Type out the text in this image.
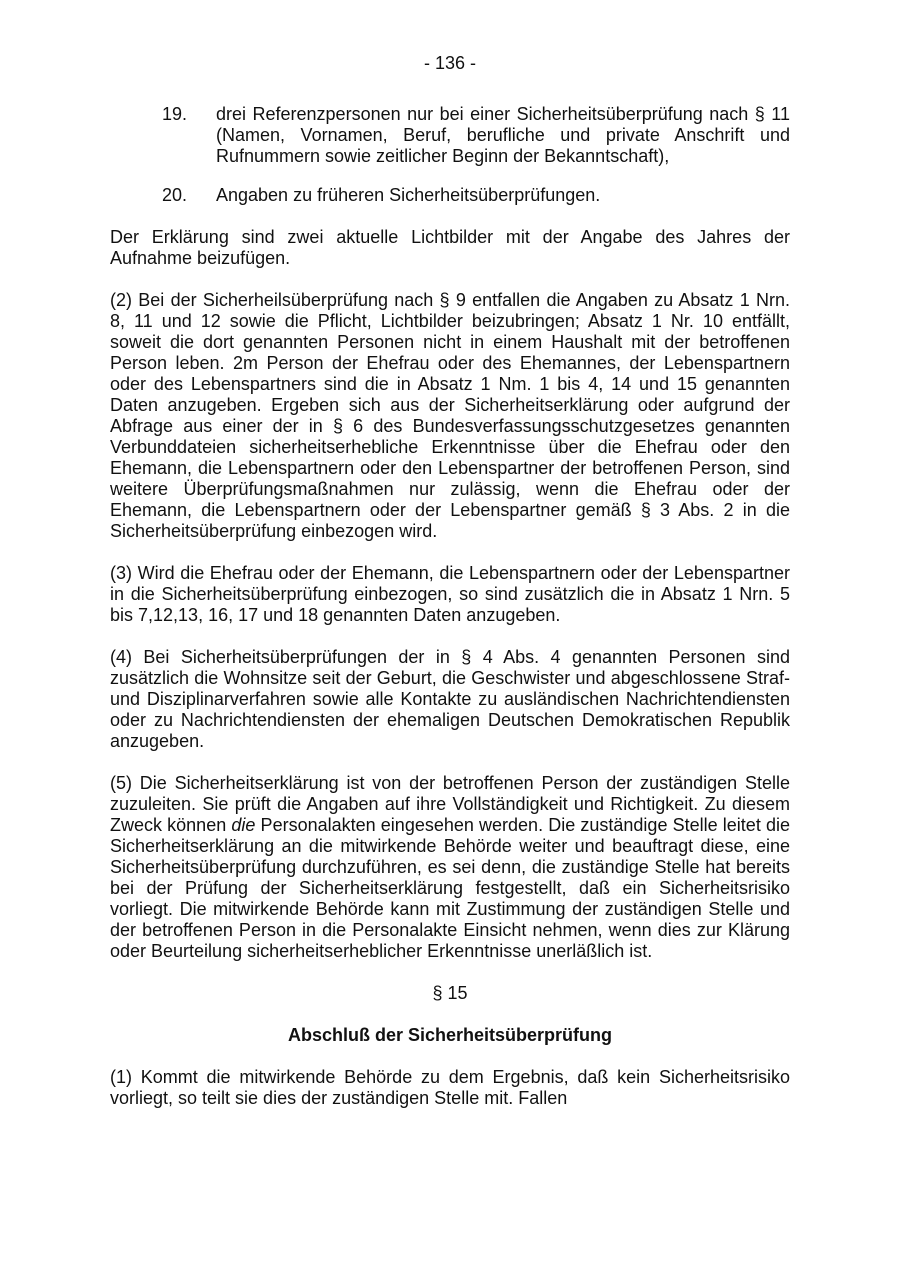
- 136 -
19.	drei Referenzpersonen nur bei einer Sicherheitsüberprüfung nach § 11 (Namen, Vornamen, Beruf, berufliche und private Anschrift und Rufnummern sowie zeitlicher Beginn der Bekanntschaft),
20.	Angaben zu früheren Sicherheitsüberprüfungen.

Der Erklärung sind zwei aktuelle Lichtbilder mit der Angabe des Jahres der Aufnahme beizufügen.

(2) Bei der Sicherheilsüberprüfung nach § 9 entfallen die Angaben zu Absatz 1 Nrn. 8, 11 und 12 sowie die Pflicht, Lichtbilder beizubringen; Absatz 1 Nr. 10 entfällt, soweit die dort genannten Personen nicht in einem Haushalt mit der betroffenen Person leben. 2m Person der Ehefrau oder des Ehemannes, der Lebenspartnern oder des Lebenspartners sind die in Absatz 1 Nm. 1 bis 4, 14 und 15 genannten Daten anzugeben. Ergeben sich aus der Sicherheitserklärung oder aufgrund der Abfrage aus einer der in § 6 des Bundesverfassungsschutzgesetzes genannten Verbunddateien sicherheitserhebliche Erkenntnisse über die Ehefrau oder den Ehemann, die Lebenspartnern oder den Lebenspartner der betroffenen Person, sind weitere Überprüfungsmaßnahmen nur zulässig, wenn die Ehefrau oder der Ehemann, die Lebenspartnern oder der Lebenspartner gemäß § 3 Abs. 2 in die Sicherheitsüberprüfung einbezogen wird.

(3) Wird die Ehefrau oder der Ehemann, die Lebenspartnern oder der Lebenspartner in die Sicherheitsüberprüfung einbezogen, so sind zusätzlich die in Absatz 1 Nrn. 5 bis 7,12,13, 16, 17 und 18 genannten Daten anzugeben.

(4) Bei Sicherheitsüberprüfungen der in § 4 Abs. 4 genannten Personen sind zusätzlich die Wohnsitze seit der Geburt, die Geschwister und abgeschlossene Straf- und Disziplinarverfahren sowie alle Kontakte zu ausländischen Nachrichtendiensten oder zu Nachrichtendiensten der ehemaligen Deutschen Demokratischen Republik anzugeben.

(5) Die Sicherheitserklärung ist von der betroffenen Person der zuständigen Stelle zuzuleiten. Sie prüft die Angaben auf ihre Vollständigkeit und Richtigkeit. Zu diesem Zweck können die Personalakten eingesehen werden. Die zuständige Stelle leitet die Sicherheitserklärung an die mitwirkende Behörde weiter und beauftragt diese, eine Sicherheitsüberprüfung durchzuführen, es sei denn, die zuständige Stelle hat bereits bei der Prüfung der Sicherheitserklärung festgestellt, daß ein Sicherheitsrisiko vorliegt. Die mitwirkende Behörde kann mit Zustimmung der zuständigen Stelle und der betroffenen Person in die Personalakte Einsicht nehmen, wenn dies zur Klärung oder Beurteilung sicherheitserheblicher Erkenntnisse unerläßlich ist.

§ 15
Abschluß der Sicherheitsüberprüfung

(1) Kommt die mitwirkende Behörde zu dem Ergebnis, daß kein Sicherheitsrisiko vorliegt, so teilt sie dies der zuständigen Stelle mit. Fallen
